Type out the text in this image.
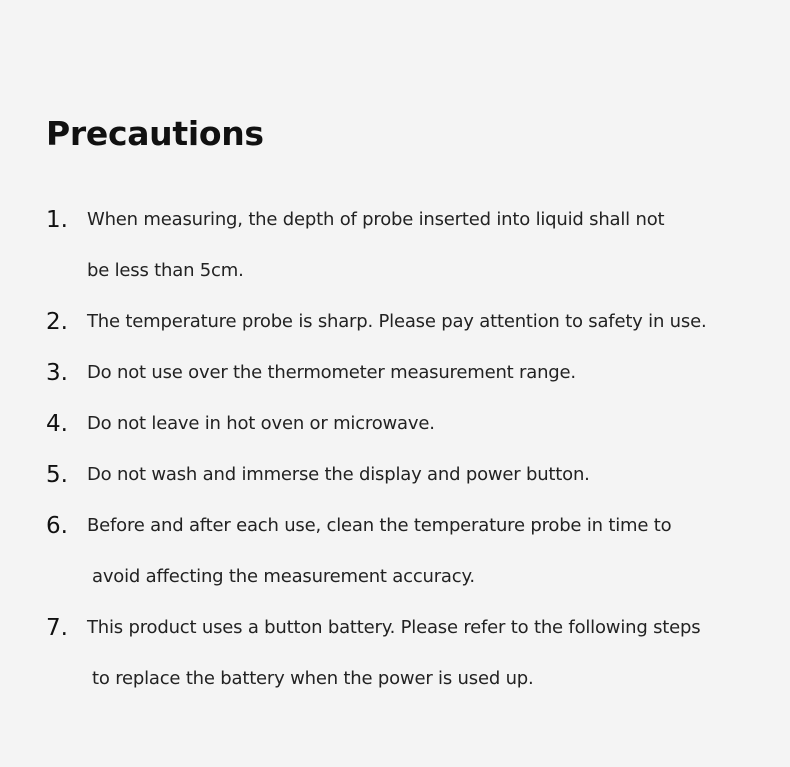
Precautions
1. When measuring, the depth of probe inserted into liquid shall not
be less than 5cm.
2. The temperature probe is sharp. Please pay attention to safety in use.
3. Do not use over the thermometer measurement range.
4. Do not leave in hot oven or microwave.
5. Do not wash and immerse the display and power button.
6. Before and after each use, clean the temperature probe in time to
avoid affecting the measurement accuracy.
7. This product uses a button battery. Please refer to the following steps
to replace the battery when the power is used up.
